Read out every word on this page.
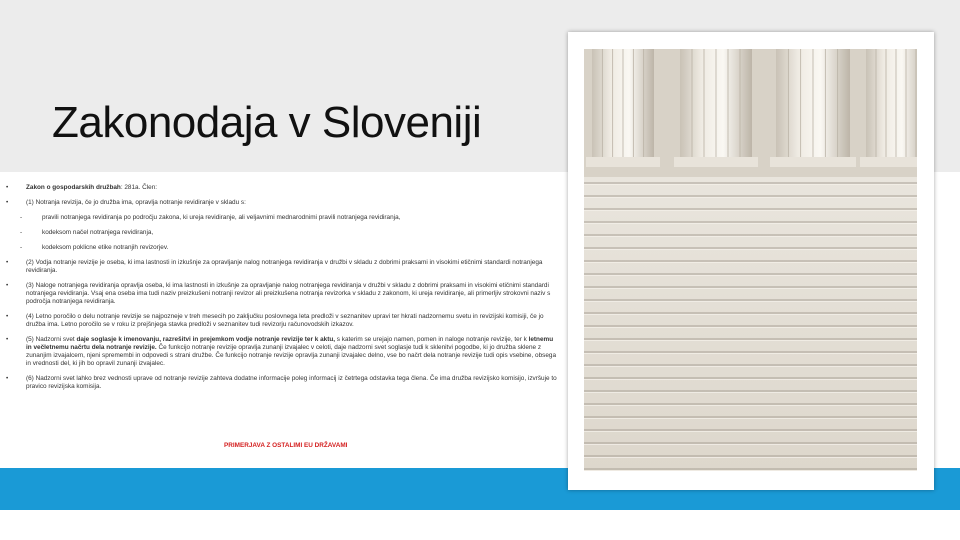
Zakonodaja v Sloveniji
•	Zakon o gospodarskih družbah: 281a. Člen:
•	(1) Notranja revizija, če jo družba ima, opravlja notranje revidiranje v skladu s:
-	pravili notranjega revidiranja po področju zakona, ki ureja revidiranje, ali veljavnimi mednarodnimi pravili notranjega revidiranja,
-	kodeksom načel notranjega revidiranja,
-	kodeksom poklicne etike notranjih revizorjev.
•	(2) Vodja notranje revizije je oseba, ki ima lastnosti in izkušnje za opravljanje nalog notranjega revidiranja v družbi v skladu z dobrimi praksami in visokimi etičnimi standardi notranjega revidiranja.
•	(3) Naloge notranjega revidiranja opravlja oseba, ki ima lastnosti in izkušnje za opravljanje nalog notranjega revidiranja v družbi v skladu z dobrimi praksami in visokimi etičnimi standardi notranjega revidiranja. Vsaj ena oseba ima tudi naziv preizkušeni notranji revizor ali preizkušena notranja revizorka v skladu z zakonom, ki ureja revidiranje, ali primerljiv strokovni naziv s področja notranjega revidiranja.
•	(4) Letno poročilo o delu notranje revizije se najpozneje v treh mesecih po zaključku poslovnega leta predloži v seznanitev upravi ter hkrati nadzornemu svetu in revizijski komisiji, če jo družba ima. Letno poročilo se v roku iz prejšnjega stavka predloži v seznanitev tudi revizorju računovodskih izkazov.
•	(5) Nadzorni svet daje soglasje k imenovanju, razrešitvi in prejemkom vodje notranje revizije ter k aktu, s katerim se urejajo namen, pomen in naloge notranje revizije, ter k letnemu in večletnemu načrtu dela notranje revizije. Če funkcijo notranje revizije opravlja zunanji izvajalec v celoti, daje nadzorni svet soglasje tudi k sklenitvi pogodbe, ki jo družba sklene z zunanjim izvajalcem, njeni spremembi in odpovedi s strani družbe. Če funkcijo notranje revizije opravlja zunanji izvajalec delno, vse bo načrt dela notranje revizije tudi opis vsebine, obsega in vrednosti del, ki jih bo opravil zunanji izvajalec.
•	(6) Nadzorni svet lahko brez vednosti uprave od notranje revizije zahteva dodatne informacije poleg informacij iz četrtega odstavka tega člena. Če ima družba revizijsko komisijo, izvršuje to pravico revizijska komisija.
PRIMERJAVA Z OSTALIMI EU DRŽAVAMI
